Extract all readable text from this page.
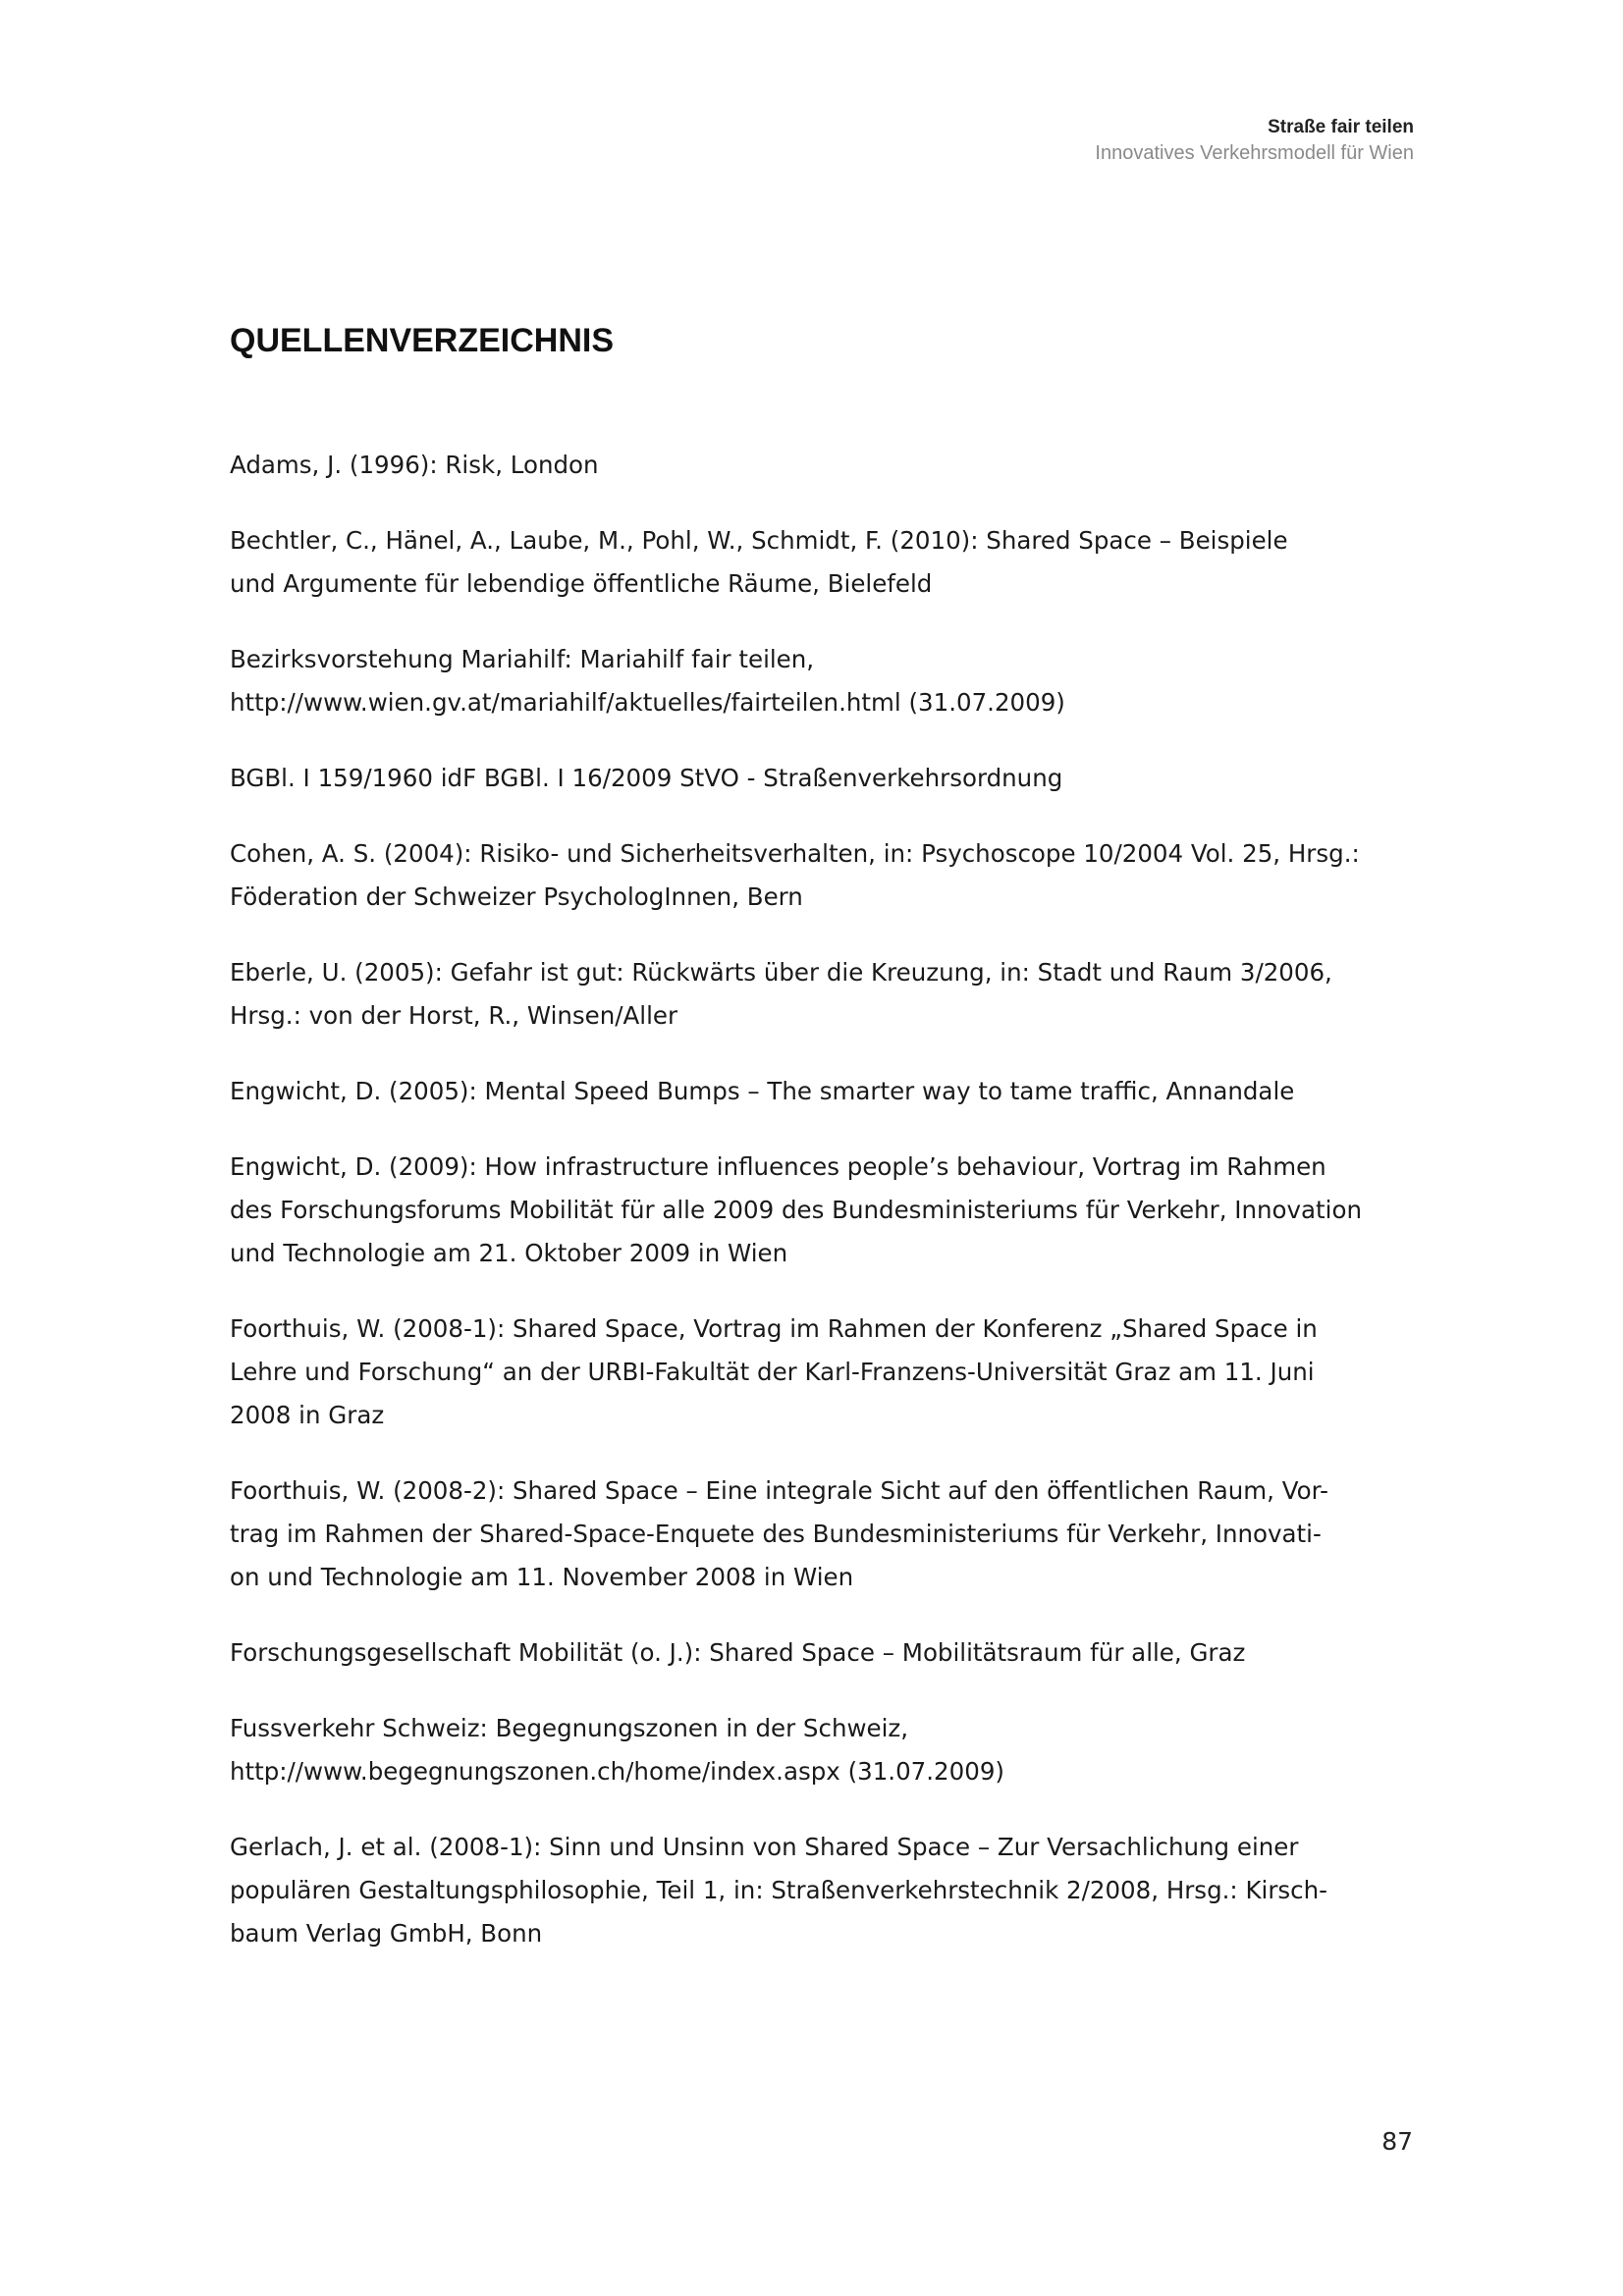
Straße fair teilen
Innovatives Verkehrsmodell für Wien
QUELLENVERZEICHNIS
Adams, J. (1996): Risk, London
Bechtler, C., Hänel, A., Laube, M., Pohl, W., Schmidt, F. (2010): Shared Space – Beispiele
und Argumente für lebendige öffentliche Räume, Bielefeld
Bezirksvorstehung Mariahilf: Mariahilf fair teilen,
http://www.wien.gv.at/mariahilf/aktuelles/fairteilen.html (31.07.2009)
BGBl. I 159/1960 idF BGBl. I 16/2009 StVO - Straßenverkehrsordnung
Cohen, A. S. (2004): Risiko- und Sicherheitsverhalten, in: Psychoscope 10/2004 Vol. 25, Hrsg.:
Föderation der Schweizer PsychologInnen, Bern
Eberle, U. (2005): Gefahr ist gut: Rückwärts über die Kreuzung, in: Stadt und Raum 3/2006,
Hrsg.: von der Horst, R., Winsen/Aller
Engwicht, D. (2005): Mental Speed Bumps – The smarter way to tame traffic, Annandale
Engwicht, D. (2009): How infrastructure influences people’s behaviour, Vortrag im Rahmen
des Forschungsforums Mobilität für alle 2009 des Bundesministeriums für Verkehr, Innovation
und Technologie am 21. Oktober 2009 in Wien
Foorthuis, W. (2008-1): Shared Space, Vortrag im Rahmen der Konferenz „Shared Space in
Lehre und Forschung“ an der URBI-Fakultät der Karl-Franzens-Universität Graz am 11. Juni
2008 in Graz
Foorthuis, W. (2008-2): Shared Space – Eine integrale Sicht auf den öffentlichen Raum, Vor-
trag im Rahmen der Shared-Space-Enquete des Bundesministeriums für Verkehr, Innovati-
on und Technologie am 11. November 2008 in Wien
Forschungsgesellschaft Mobilität (o. J.): Shared Space – Mobilitätsraum für alle, Graz
Fussverkehr Schweiz: Begegnungszonen in der Schweiz,
http://www.begegnungszonen.ch/home/index.aspx (31.07.2009)
Gerlach, J. et al. (2008-1): Sinn und Unsinn von Shared Space – Zur Versachlichung einer
populären Gestaltungsphilosophie, Teil 1, in: Straßenverkehrstechnik 2/2008, Hrsg.: Kirsch-
baum Verlag GmbH, Bonn
87
